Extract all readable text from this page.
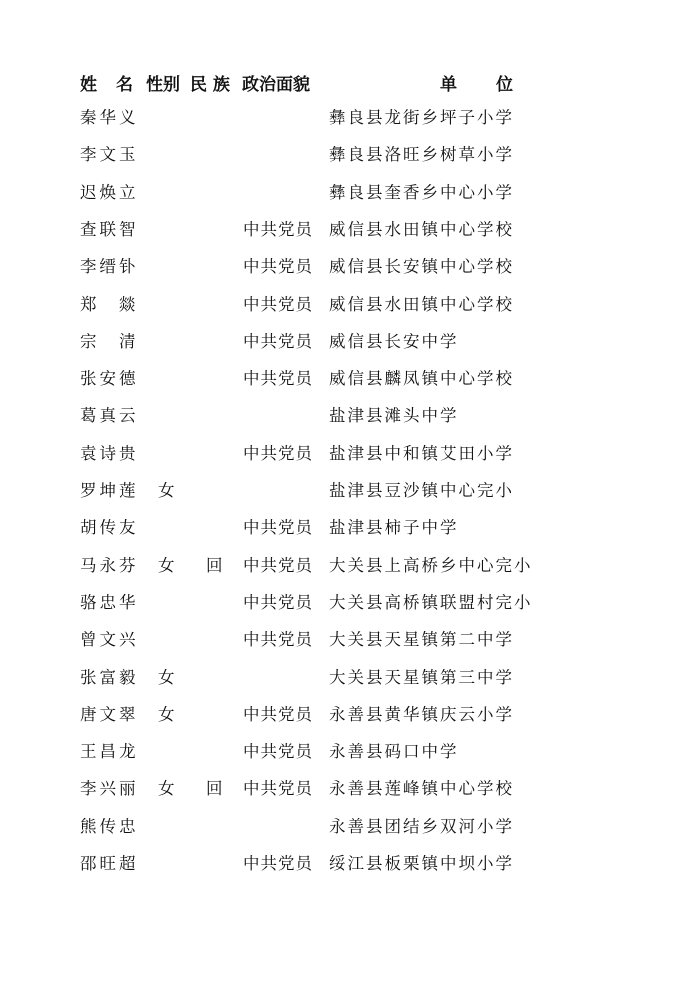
姓 名 性别 民 族 政治面貌	单 位
秦华义	彝良县龙街乡坪子小学
李文玉	彝良县洛旺乡树草小学
迟焕立	彝良县奎香乡中心小学
查联智	中共党员 威信县水田镇中心学校
李缙钋	中共党员 威信县长安镇中心学校
郑　燚	中共党员 威信县水田镇中心学校
宗　清	中共党员 威信县长安中学
张安德	中共党员 威信县麟凤镇中心学校
葛真云	盐津县滩头中学
袁诗贵	中共党员 盐津县中和镇艾田小学
罗坤莲 女	盐津县豆沙镇中心完小
胡传友	中共党员 盐津县柿子中学
马永芬 女 回 中共党员 大关县上高桥乡中心完小
骆忠华	中共党员 大关县高桥镇联盟村完小
曾文兴	中共党员 大关县天星镇第二中学
张富毅 女	大关县天星镇第三中学
唐文翠 女	中共党员 永善县黄华镇庆云小学
王昌龙	中共党员 永善县码口中学
李兴丽 女 回 中共党员 永善县莲峰镇中心学校
熊传忠	永善县团结乡双河小学
邵旺超	中共党员 绥江县板栗镇中坝小学
